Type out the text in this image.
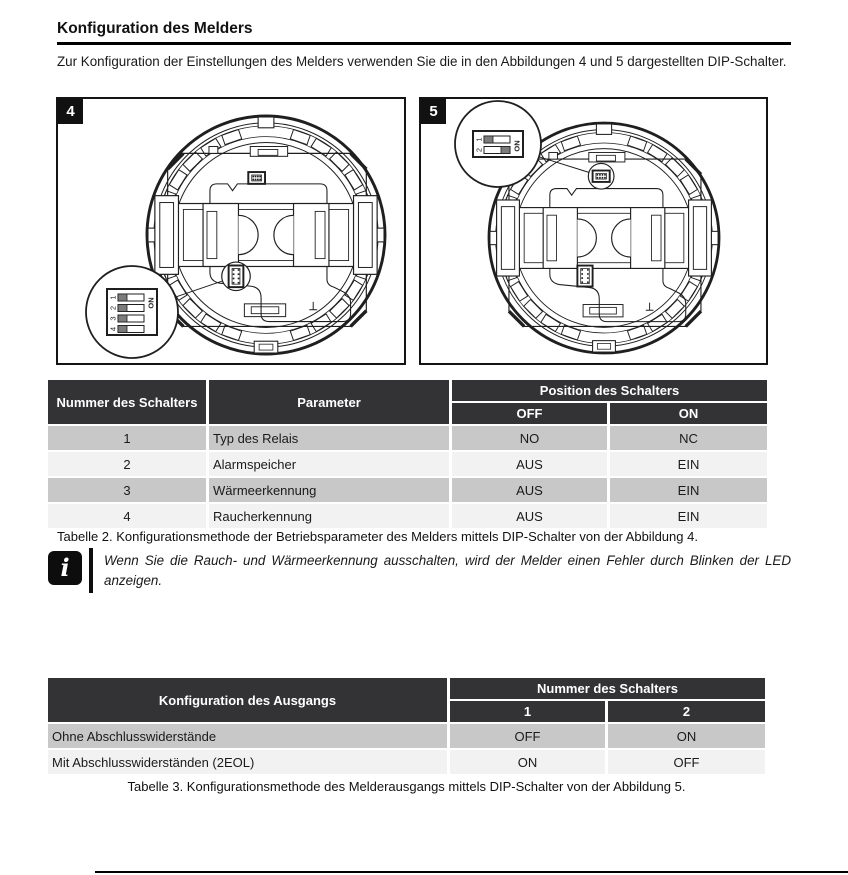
Konfiguration des Melders

Zur Konfiguration der Einstellungen des Melders verwenden Sie die in den Abbildungen 4 und 5 dargestellten DIP-Schalter.

4
1
2
3
4
ON
5
1
2	ON
Nummer des Schalters	Parameter	Position des Schalters	
		OFF	ON
1	Typ des Relais	NO	NC
2	Alarmspeicher	AUS	EIN
3	Wärmeerkennung	AUS	EIN
4	Raucherkennung	AUS	EIN
Tabelle 2. Konfigurationsmethode der Betriebsparameter des Melders mittels DIP-Schalter von der Abbildung 4.
i	Wenn Sie die Rauch- und Wärmeerkennung ausschalten, wird der Melder einen Fehler durch Blinken der LED anzeigen.

Konfiguration des Ausgangs	Nummer des Schalters	
	1	2
Ohne Abschlusswiderstände	OFF	ON
Mit Abschlusswiderständen (2EOL)	ON	OFF
Tabelle 3. Konfigurationsmethode des Melderausgangs mittels DIP-Schalter von der Abbildung 5.
